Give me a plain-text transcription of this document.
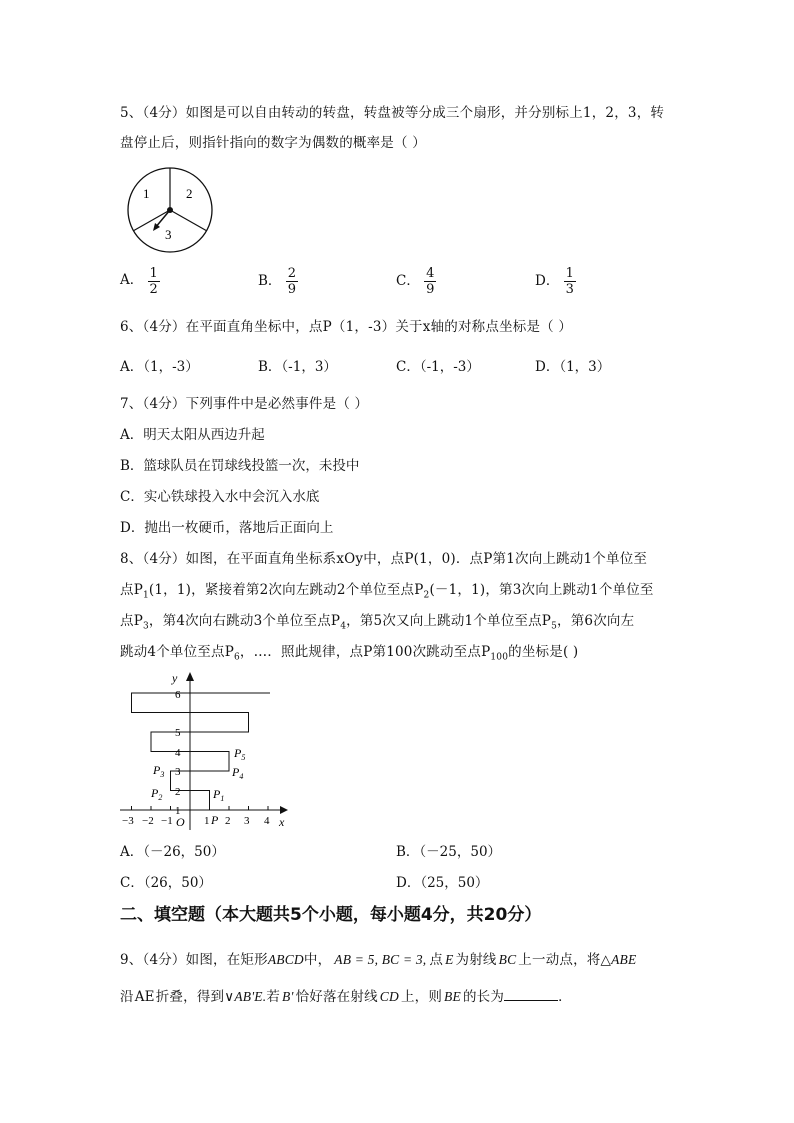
5、（4分）如图是可以自由转动的转盘，转盘被等分成三个扇形，并分别标上1，2，3，转
盘停止后，则指针指向的数字为偶数的概率是（ ）
1	2
3
A． $\frac{1}{2}$	B． $\frac{2}{9}$	C． $\frac{4}{9}$	D． $\frac{1}{3}$
6、（4分）在平面直角坐标中，点P（1，-3）关于x轴的对称点坐标是（ ）
A．（1，-3）	B．（-1，3）	C．（-1，-3）	D．（1，3）
7、（4分）下列事件中是必然事件是（ ）
A．明天太阳从西边升起
B．篮球队员在罚球线投篮一次，未投中
C．实心铁球投入水中会沉入水底
D．抛出一枚硬币，落地后正面向上
8、（4分）如图，在平面直角坐标系xOy中，点P(1，0)．点P第1次向上跳动1个单位至
点$P_1(1$，1)，紧接着第2次向左跳动2个单位至点$P_2(-1$，1)，第3次向上跳动1个单位至
点$P_3$，第4次向右跳动3个单位至点$P_4$，第5次又向上跳动1个单位至点$P_5$，第6次向左
跳动4个单位至点$P_6$，…．照此规律，点P第100次跳动至点$P_{100}$的坐标是( )
y
x
O
1
2
3
4
5
6
−3 −2 −1	1 2 3 4
P
$P_1$
$P_2$
$P_3$	$P_4$
$P_5$
A．（－26，50）	B．（－25，50）
C．（26，50）	D．（25，50）
二、填空题（本大题共5个小题，每小题4分，共20分）
9、（4分）如图，在矩形ABCD中， AB = 5, BC = 3, 点 E 为射线 BC 上一动点，将△ABE
沿AE折叠，得到∨AB'E.若 B' 恰好落在射线 CD 上，则 BE 的长为	．
